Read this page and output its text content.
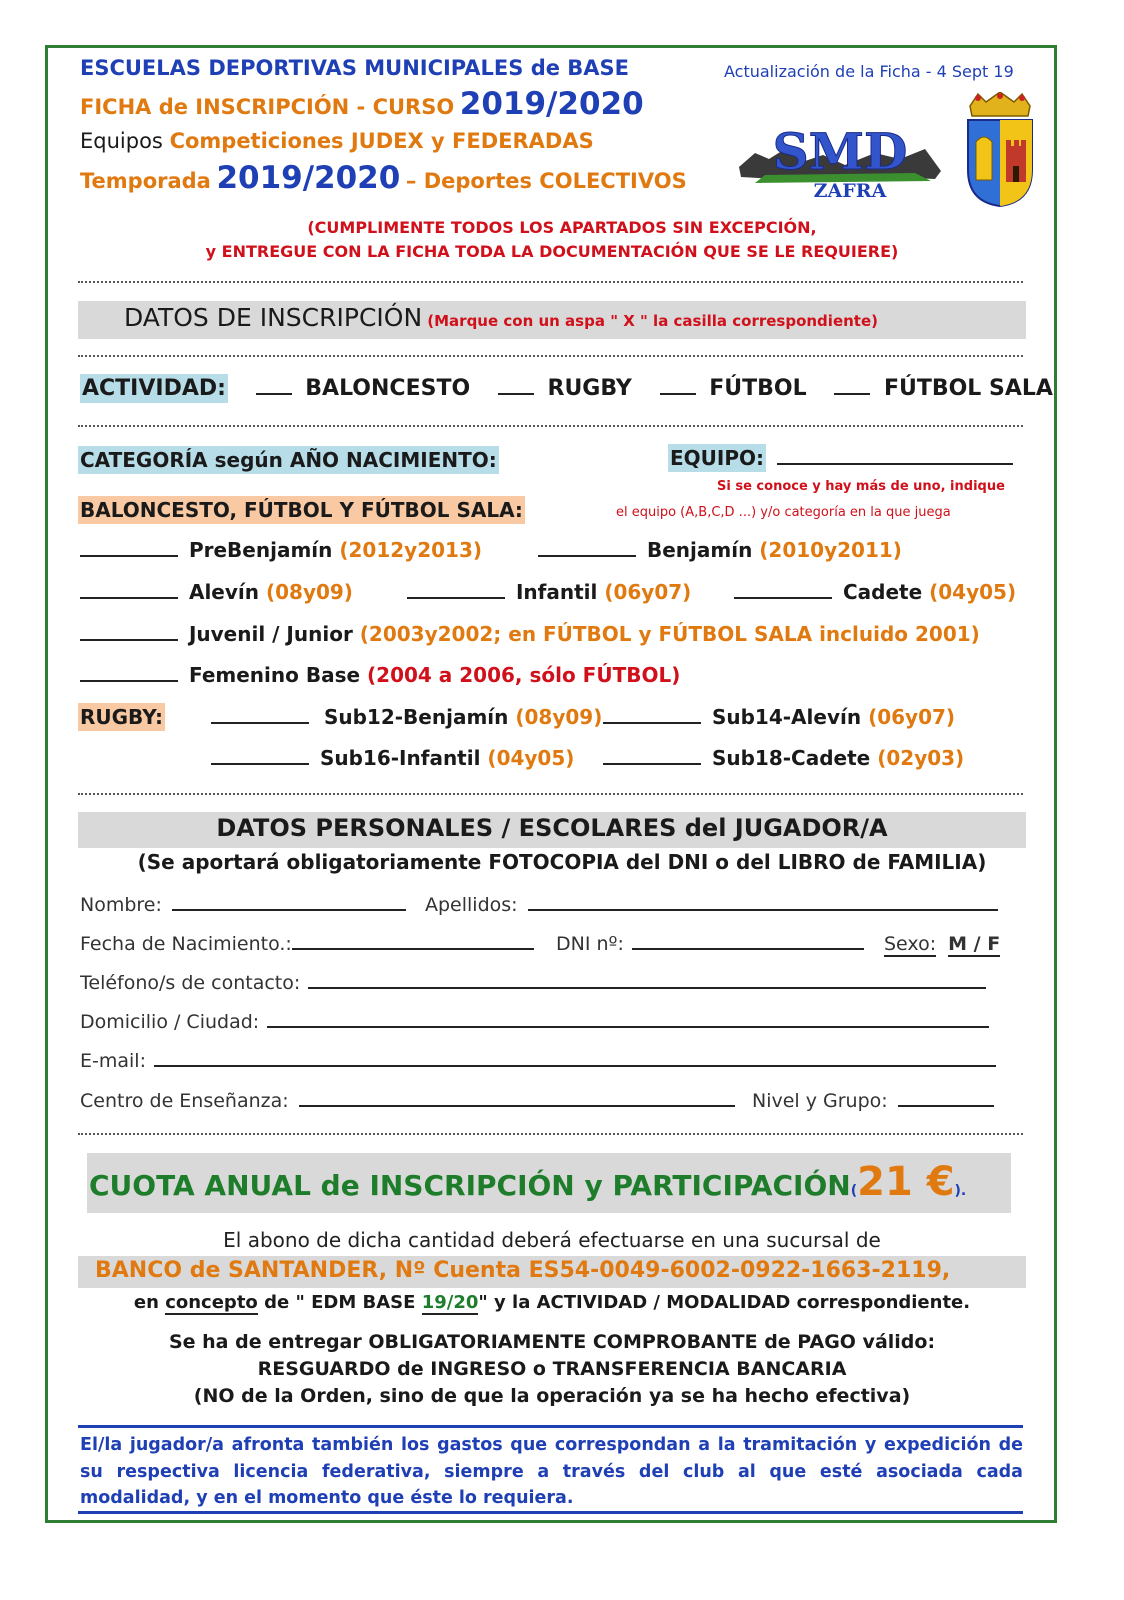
ESCUELAS DEPORTIVAS MUNICIPALES de BASE	Actualización de la Ficha - 4 Sept 19
FICHA de INSCRIPCIÓN - CURSO 2019/2020
Equipos Competiciones JUDEX y FEDERADAS
Temporada 2019/2020 – Deportes COLECTIVOS SMD
ZAFRA
(CUMPLIMENTE TODOS LOS APARTADOS SIN EXCEPCIÓN,
y ENTREGUE CON LA FICHA TODA LA DOCUMENTACIÓN QUE SE LE REQUIERE)
DATOS DE INSCRIPCIÓN (Marque con un aspa " X " la casilla correspondiente)
ACTIVIDAD:	BALONCESTO	RUGBY	FÚTBOL	FÚTBOL SALA
CATEGORÍA según AÑO NACIMIENTO:	EQUIPO:
Si se conoce y hay más de uno, indique
el equipo (A,B,C,D ...) y/o categoría en la que juega
BALONCESTO, FÚTBOL Y FÚTBOL SALA:
PreBenjamín (2012y2013)	Benjamín (2010y2011)
Alevín (08y09)	Infantil (06y07)	Cadete (04y05)
Juvenil / Junior (2003y2002; en FÚTBOL y FÚTBOL SALA incluido 2001)
Femenino Base (2004 a 2006, sólo FÚTBOL)
RUGBY:	Sub12-Benjamín (08y09)	Sub14-Alevín (06y07)
Sub16-Infantil (04y05)	Sub18-Cadete (02y03)
DATOS PERSONALES / ESCOLARES del JUGADOR/A
(Se aportará obligatoriamente FOTOCOPIA del DNI o del LIBRO de FAMILIA)
Nombre:	Apellidos:
Fecha de Nacimiento.:	DNI nº:	Sexo: M / F
Teléfono/s de contacto:
Domicilio / Ciudad:
E-mail:
Centro de Enseñanza:	Nivel y Grupo:
CUOTA ANUAL de INSCRIPCIÓN y PARTICIPACIÓN(21 €).
El abono de dicha cantidad deberá efectuarse en una sucursal de
BANCO de SANTANDER, Nº Cuenta ES54-0049-6002-0922-1663-2119,
en concepto de " EDM BASE 19/20" y la ACTIVIDAD / MODALIDAD correspondiente.
Se ha de entregar OBLIGATORIAMENTE COMPROBANTE de PAGO válido:
RESGUARDO de INGRESO o TRANSFERENCIA BANCARIA
(NO de la Orden, sino de que la operación ya se ha hecho efectiva)
El/la jugador/a afronta también los gastos que correspondan a la tramitación y expedición de su respectiva licencia federativa, siempre a través del club al que esté asociada cada modalidad, y en el momento que éste lo requiera.
